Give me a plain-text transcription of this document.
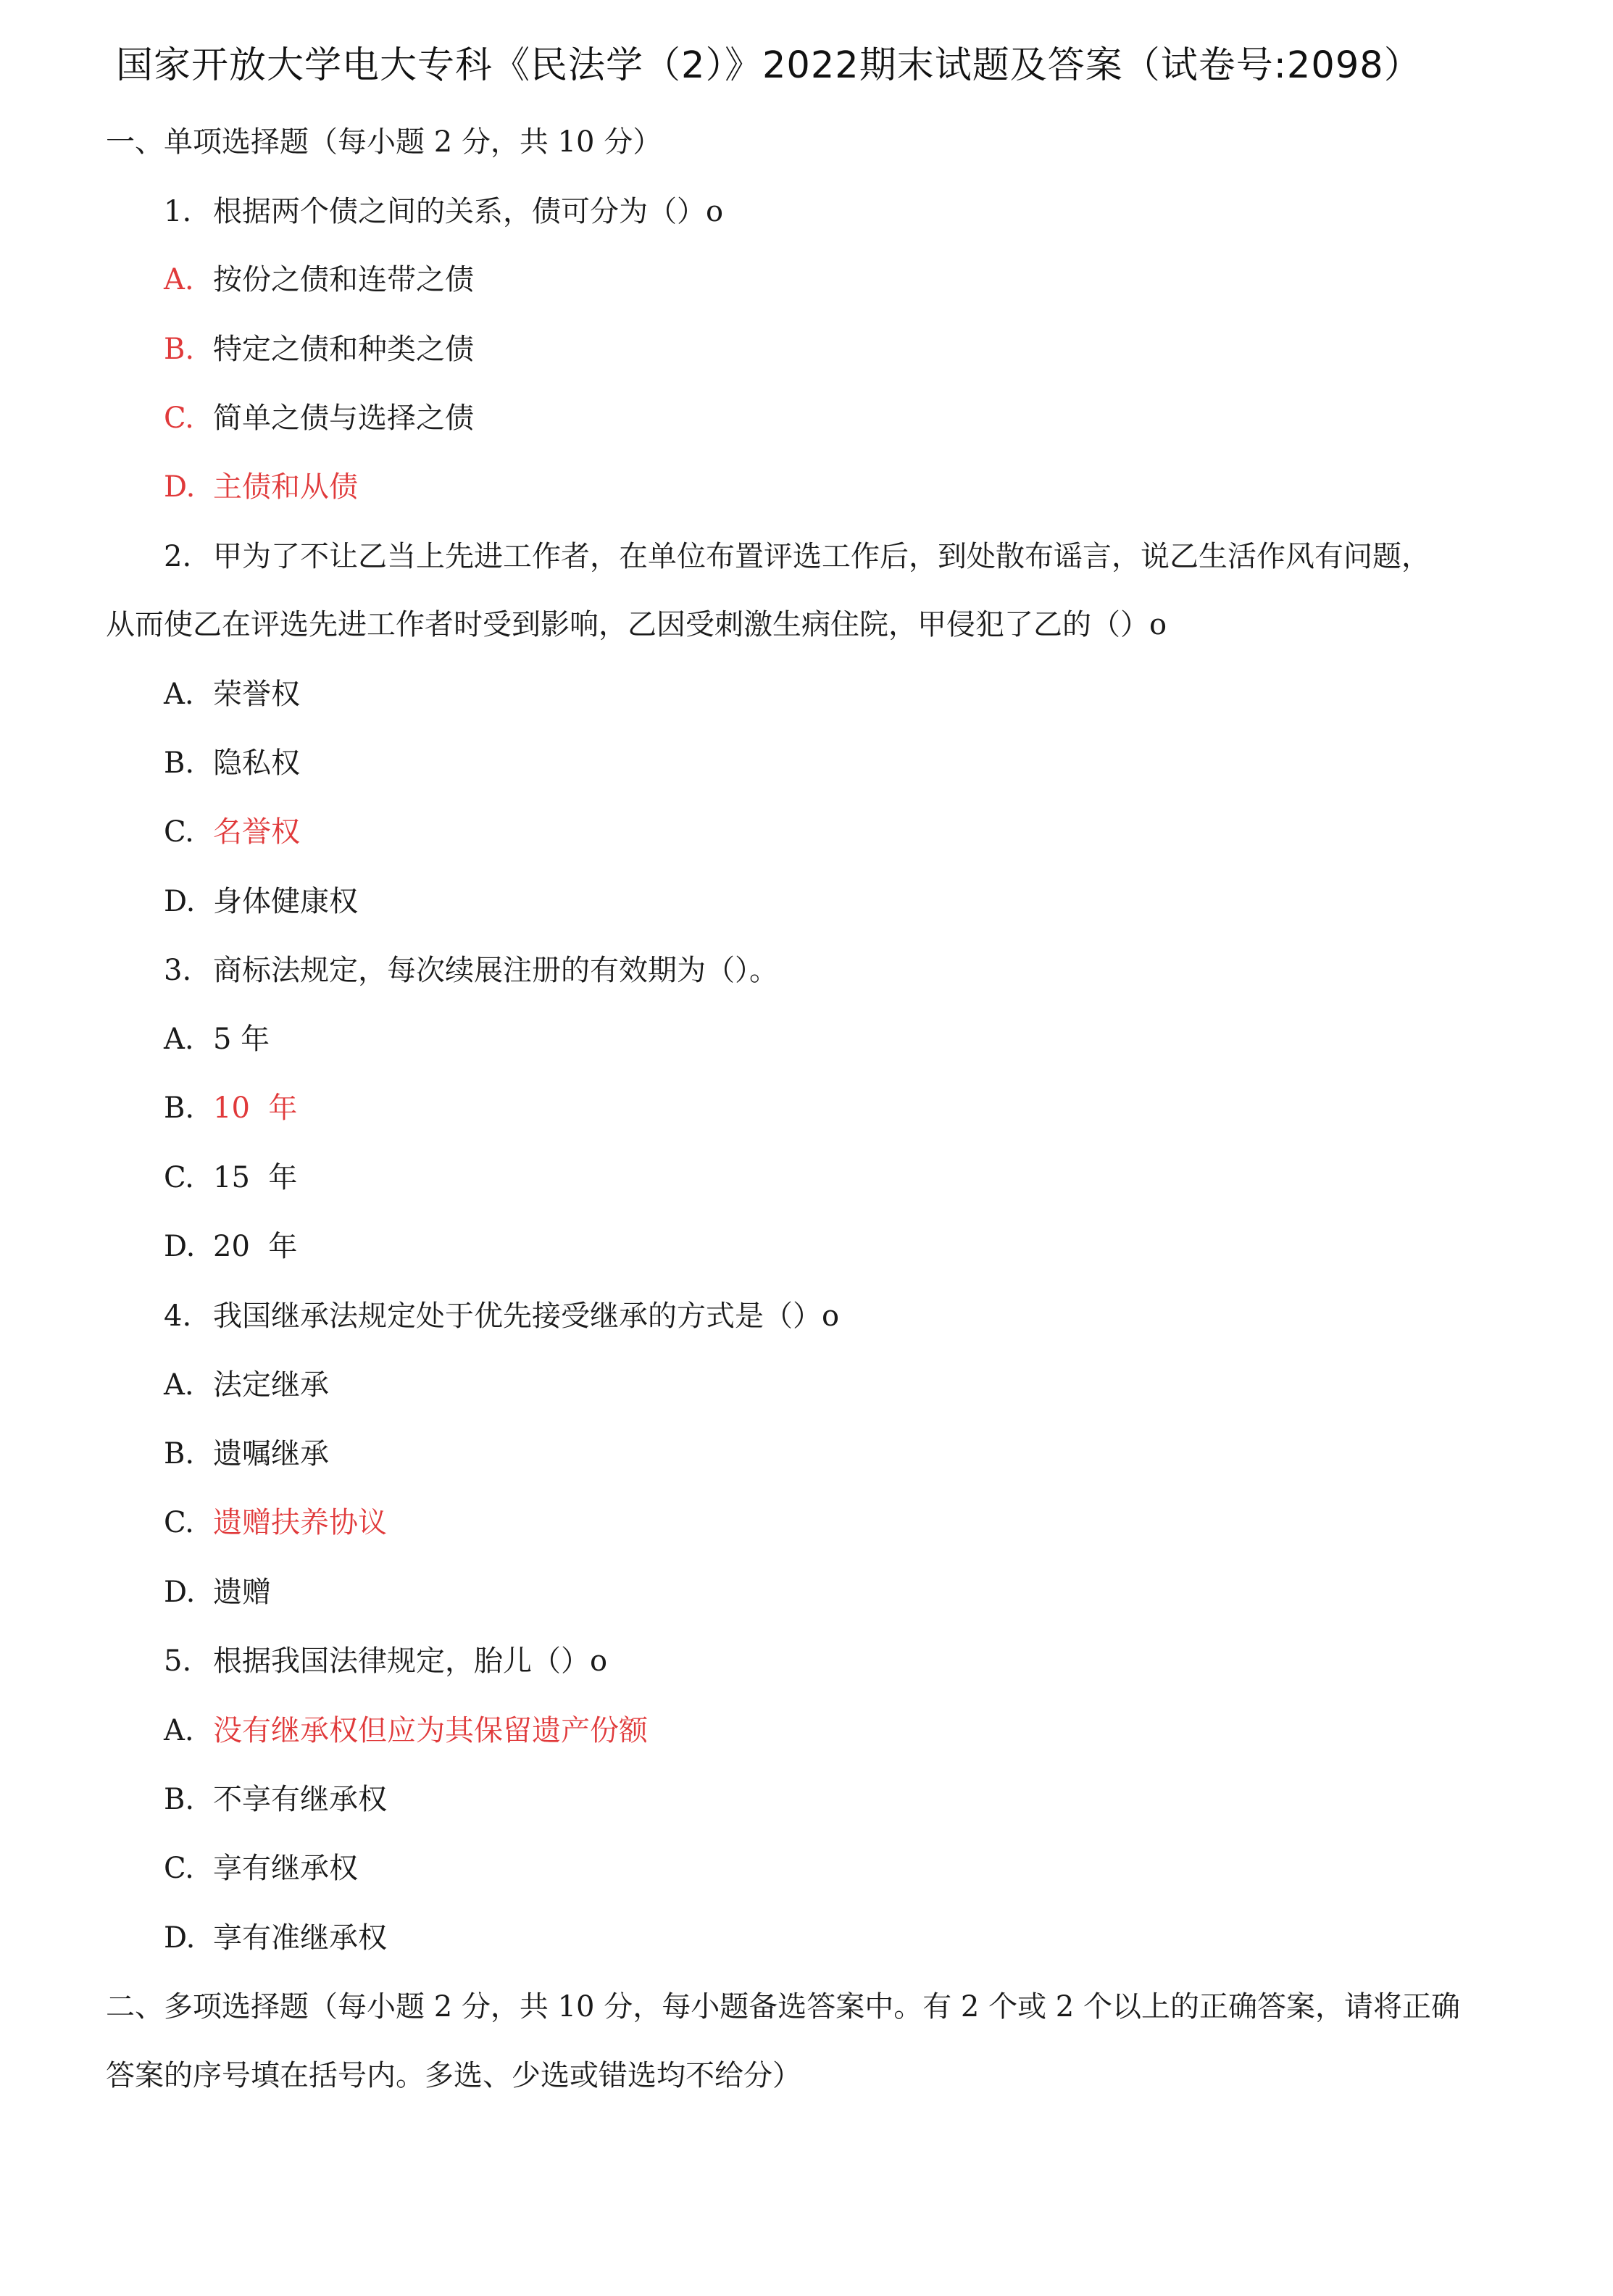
国家开放大学电大专科《民法学（2）》2022期末试题及答案（试卷号:2098）
一、单项选择题（每小题 2 分，共 10 分）
1. 根据两个债之间的关系，债可分为（）o
A. 按份之债和连带之债
B. 特定之债和种类之债
C. 简单之债与选择之债
D. 主债和从债
2. 甲为了不让乙当上先进工作者，在单位布置评选工作后，到处散布谣言，说乙生活作风有问题，
从而使乙在评选先进工作者时受到影响，乙因受刺激生病住院，甲侵犯了乙的（）o
A. 荣誉权
B. 隐私权
C. 名誉权
D. 身体健康权
3. 商标法规定，每次续展注册的有效期为（）。
A. 5 年
B. 10  年
C. 15  年
D. 20  年
4. 我国继承法规定处于优先接受继承的方式是（）o
A. 法定继承
B. 遗嘱继承
C. 遗赠扶养协议
D. 遗赠
5. 根据我国法律规定，胎儿（）o
A. 没有继承权但应为其保留遗产份额
B. 不享有继承权
C. 享有继承权
D. 享有准继承权
二、多项选择题（每小题 2 分，共 10 分，每小题备选答案中。有 2 个或 2 个以上的正确答案，请将正确
答案的序号填在括号内。多选、少选或错选均不给分）
